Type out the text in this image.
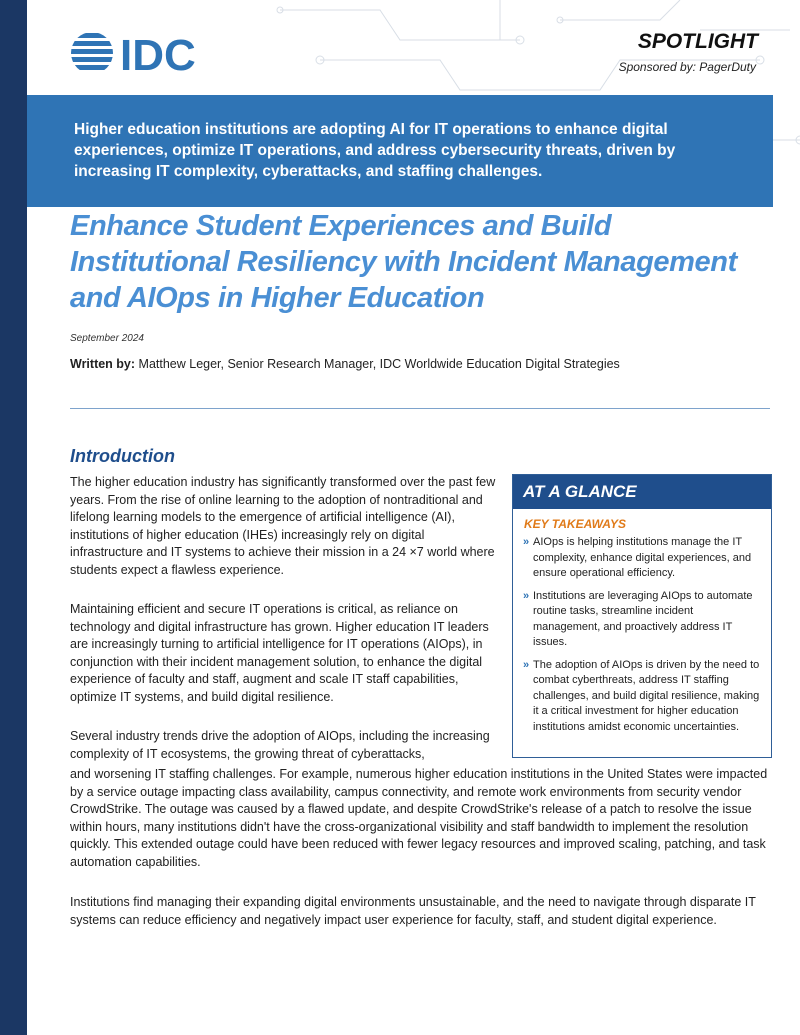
IDC	SPOTLIGHT
Sponsored by: PagerDuty
Higher education institutions are adopting AI for IT operations to enhance digital experiences, optimize IT operations, and address cybersecurity threats, driven by increasing IT complexity, cyberattacks, and staffing challenges.
Enhance Student Experiences and Build Institutional Resiliency with Incident Management and AIOps in Higher Education
September 2024
Written by: Matthew Leger, Senior Research Manager, IDC Worldwide Education Digital Strategies
Introduction

The higher education industry has significantly transformed over the past few years. From the rise of online learning to the adoption of nontraditional and lifelong learning models to the emergence of artificial intelligence (AI), institutions of higher education (IHEs) increasingly rely on digital infrastructure and IT systems to achieve their mission in a 24 ×7 world where students expect a flawless experience.

Maintaining efficient and secure IT operations is critical, as reliance on technology and digital infrastructure has grown. Higher education IT leaders are increasingly turning to artificial intelligence for IT operations (AIOps), in conjunction with their incident management solution, to enhance the digital experience of faculty and staff, augment and scale IT staff capabilities, optimize IT systems, and build digital resilience.

Several industry trends drive the adoption of AIOps, including the increasing complexity of IT ecosystems, the growing threat of cyberattacks,

and worsening IT staffing challenges. For example, numerous higher education institutions in the United States were impacted by a service outage impacting class availability, campus connectivity, and remote work environments from security vendor CrowdStrike. The outage was caused by a flawed update, and despite CrowdStrike's release of a patch to resolve the issue within hours, many institutions didn't have the cross-organizational visibility and staff bandwidth to implement the resolution quickly. This extended outage could have been reduced with fewer legacy resources and improved scaling, patching, and task automation capabilities.

Institutions find managing their expanding digital environments unsustainable, and the need to navigate through disparate IT systems can reduce efficiency and negatively impact user experience for faculty, staff, and student digital experience.

AT A GLANCE
KEY TAKEAWAYS
» AIOps is helping institutions manage the IT complexity, enhance digital experiences, and ensure operational efficiency.
» Institutions are leveraging AIOps to automate routine tasks, streamline incident management, and proactively address IT issues.
» The adoption of AIOps is driven by the need to combat cyberthreats, address IT staffing challenges, and build digital resilience, making it a critical investment for higher education institutions amidst economic uncertainties.
